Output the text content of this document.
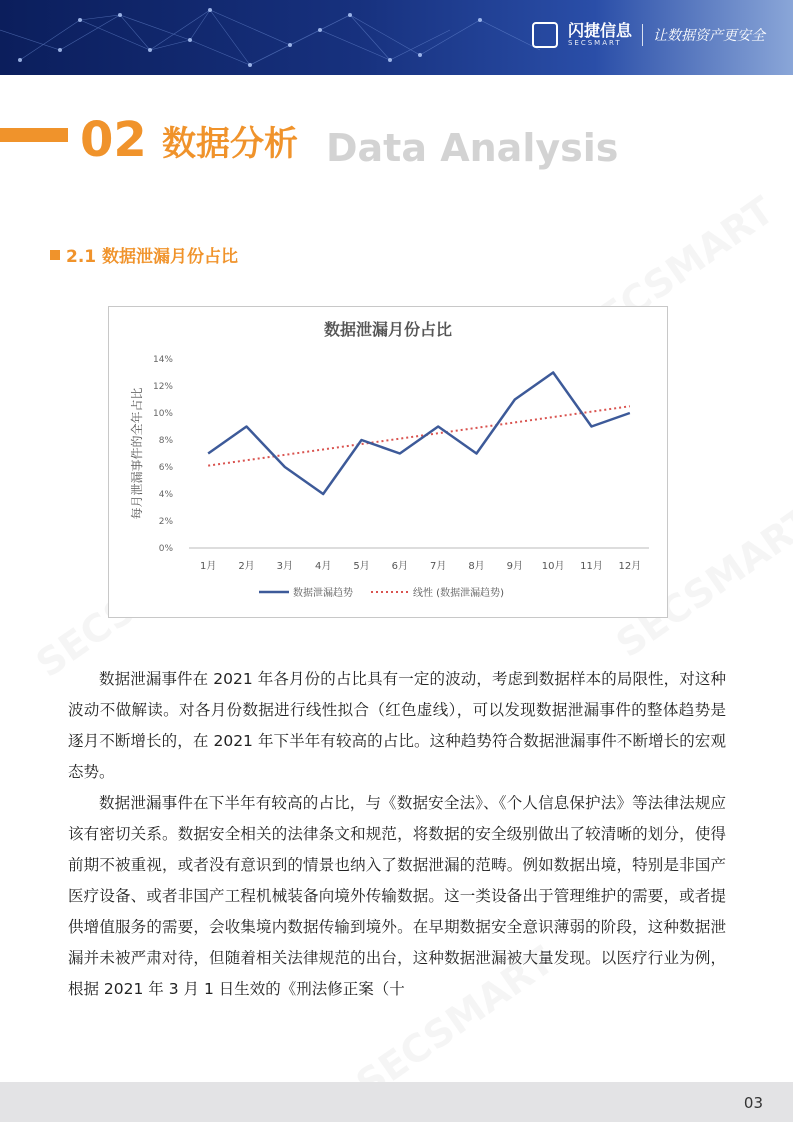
闪捷信息
SECSMART	让数据资产更安全
02 数据分析 Data Analysis
2.1 数据泄漏月份占比
数据泄漏月份占比
每月泄漏事件的全年占比
0%
2%
4%
6%
8%
10%
12%
14%
1月 2月 3月 4月 5月 6月 7月 8月 9月 10月 11月 12月
数据泄漏趋势	线性 (数据泄漏趋势)

数据泄漏事件在 2021 年各月份的占比具有一定的波动，考虑到数据样本的局限性，对这种波动不做解读。对各月份数据进行线性拟合（红色虚线），可以发现数据泄漏事件的整体趋势是逐月不断增长的，在 2021 年下半年有较高的占比。这种趋势符合数据泄漏事件不断增长的宏观态势。

数据泄漏事件在下半年有较高的占比，与《数据安全法》、《个人信息保护法》等法律法规应该有密切关系。数据安全相关的法律条文和规范，将数据的安全级别做出了较清晰的划分，使得前期不被重视，或者没有意识到的情景也纳入了数据泄漏的范畴。例如数据出境，特别是非国产医疗设备、或者非国产工程机械装备向境外传输数据。这一类设备出于管理维护的需要，或者提供增值服务的需要，会收集境内数据传输到境外。在早期数据安全意识薄弱的阶段，这种数据泄漏并未被严肃对待，但随着相关法律规范的出台，这种数据泄漏被大量发现。以医疗行业为例，根据 2021 年 3 月 1 日生效的《刑法修正案（十

03
